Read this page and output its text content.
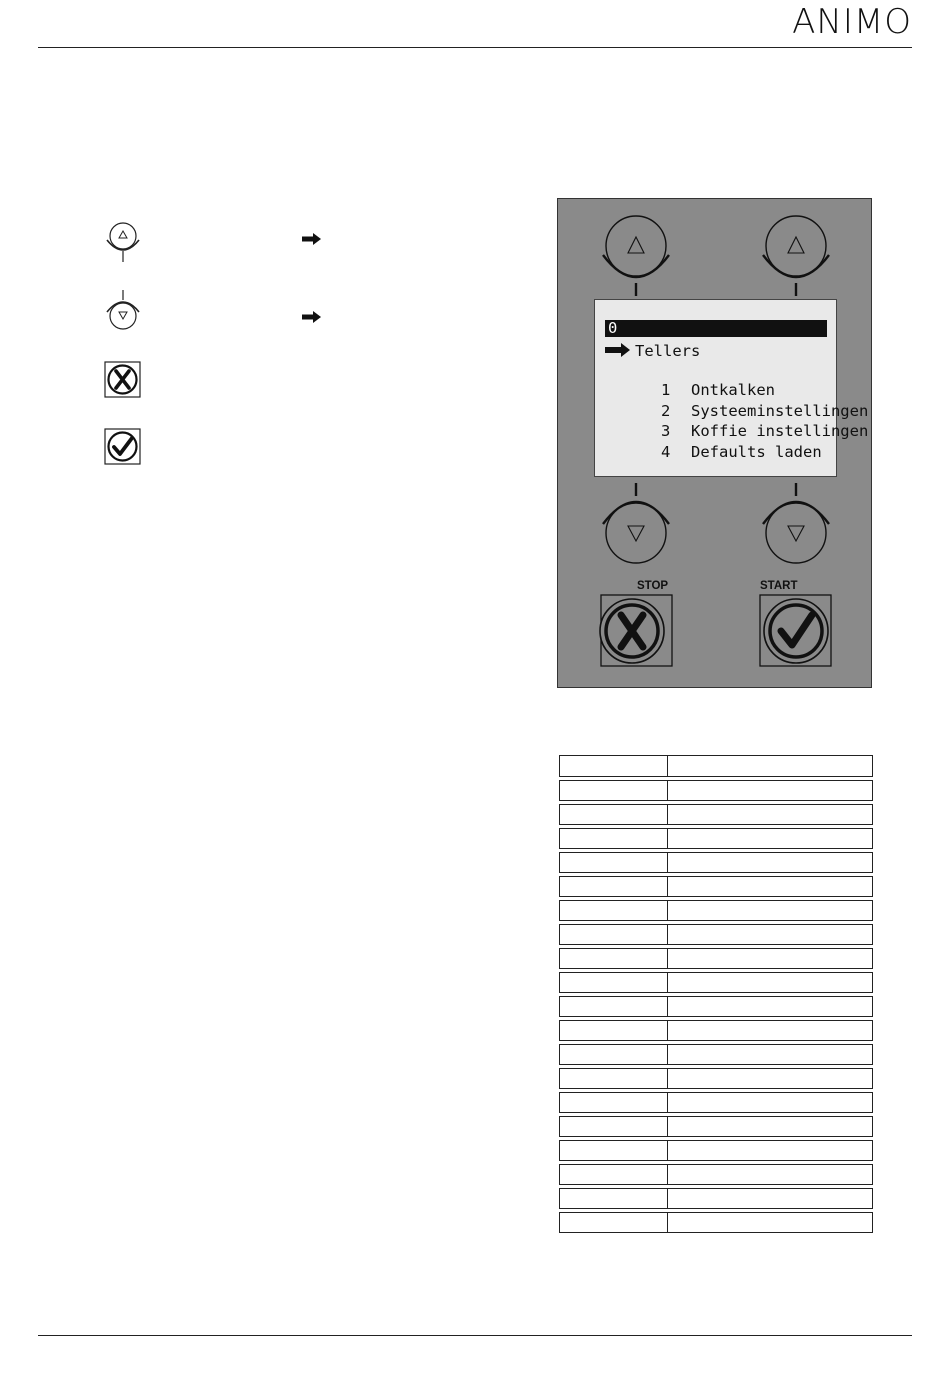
ANIMO
0
Tellers

1 Ontkalken

2 Systeeminstellingen

3 Koffie instellingen

4 Defaults laden

STOP	START
